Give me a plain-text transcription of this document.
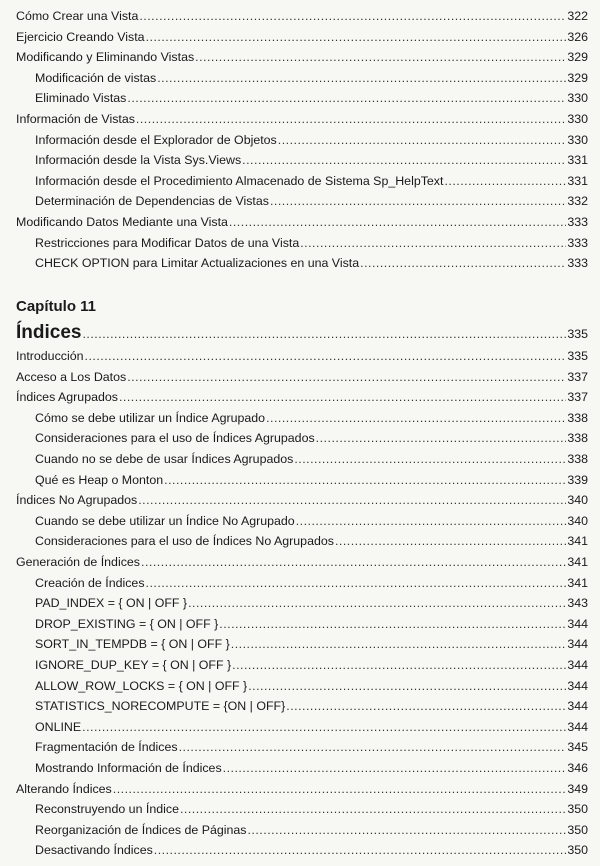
Cómo Crear una Vista .....	322
Ejercicio Creando Vista .....	326
Modificando y Eliminando Vistas .....	329
Modificación de vistas .....	329
Eliminado Vistas .....	330
Información de Vistas .....	330
Información desde el Explorador de Objetos .....	330
Información desde la Vista Sys.Views .....	331
Información desde el Procedimiento Almacenado de Sistema Sp_HelpText .....	331
Determinación de Dependencias de Vistas .....	332
Modificando Datos Mediante una Vista .....	333
Restricciones para Modificar Datos de una Vista .....	333
CHECK OPTION para Limitar Actualizaciones en una Vista .....	333
Capítulo 11
Índices .....	335
Introducción .....	335
Acceso a Los Datos .....	337
Índices Agrupados .....	337
Cómo se debe utilizar un Índice Agrupado .....	338
Consideraciones para el uso de Índices Agrupados .....	338
Cuando no se debe de usar Índices Agrupados .....	338
Qué es Heap o Monton .....	339
Índices No Agrupados .....	340
Cuando se debe utilizar un Índice No Agrupado .....	340
Consideraciones para el uso de Índices No Agrupados .....	341
Generación de Índices .....	341
Creación de Índices .....	341
PAD_INDEX = { ON | OFF } .....	343
DROP_EXISTING = { ON | OFF } .....	344
SORT_IN_TEMPDB = { ON | OFF } .....	344
IGNORE_DUP_KEY = { ON | OFF } .....	344
ALLOW_ROW_LOCKS = { ON | OFF } .....	344
STATISTICS_NORECOMPUTE = {ON | OFF} .....	344
ONLINE .....	344
Fragmentación de Índices .....	345
Mostrando Información de Índices .....	346
Alterando Índices .....	349
Reconstruyendo un Índice .....	350
Reorganización de Índices de Páginas .....	350
Desactivando Índices .....	350
